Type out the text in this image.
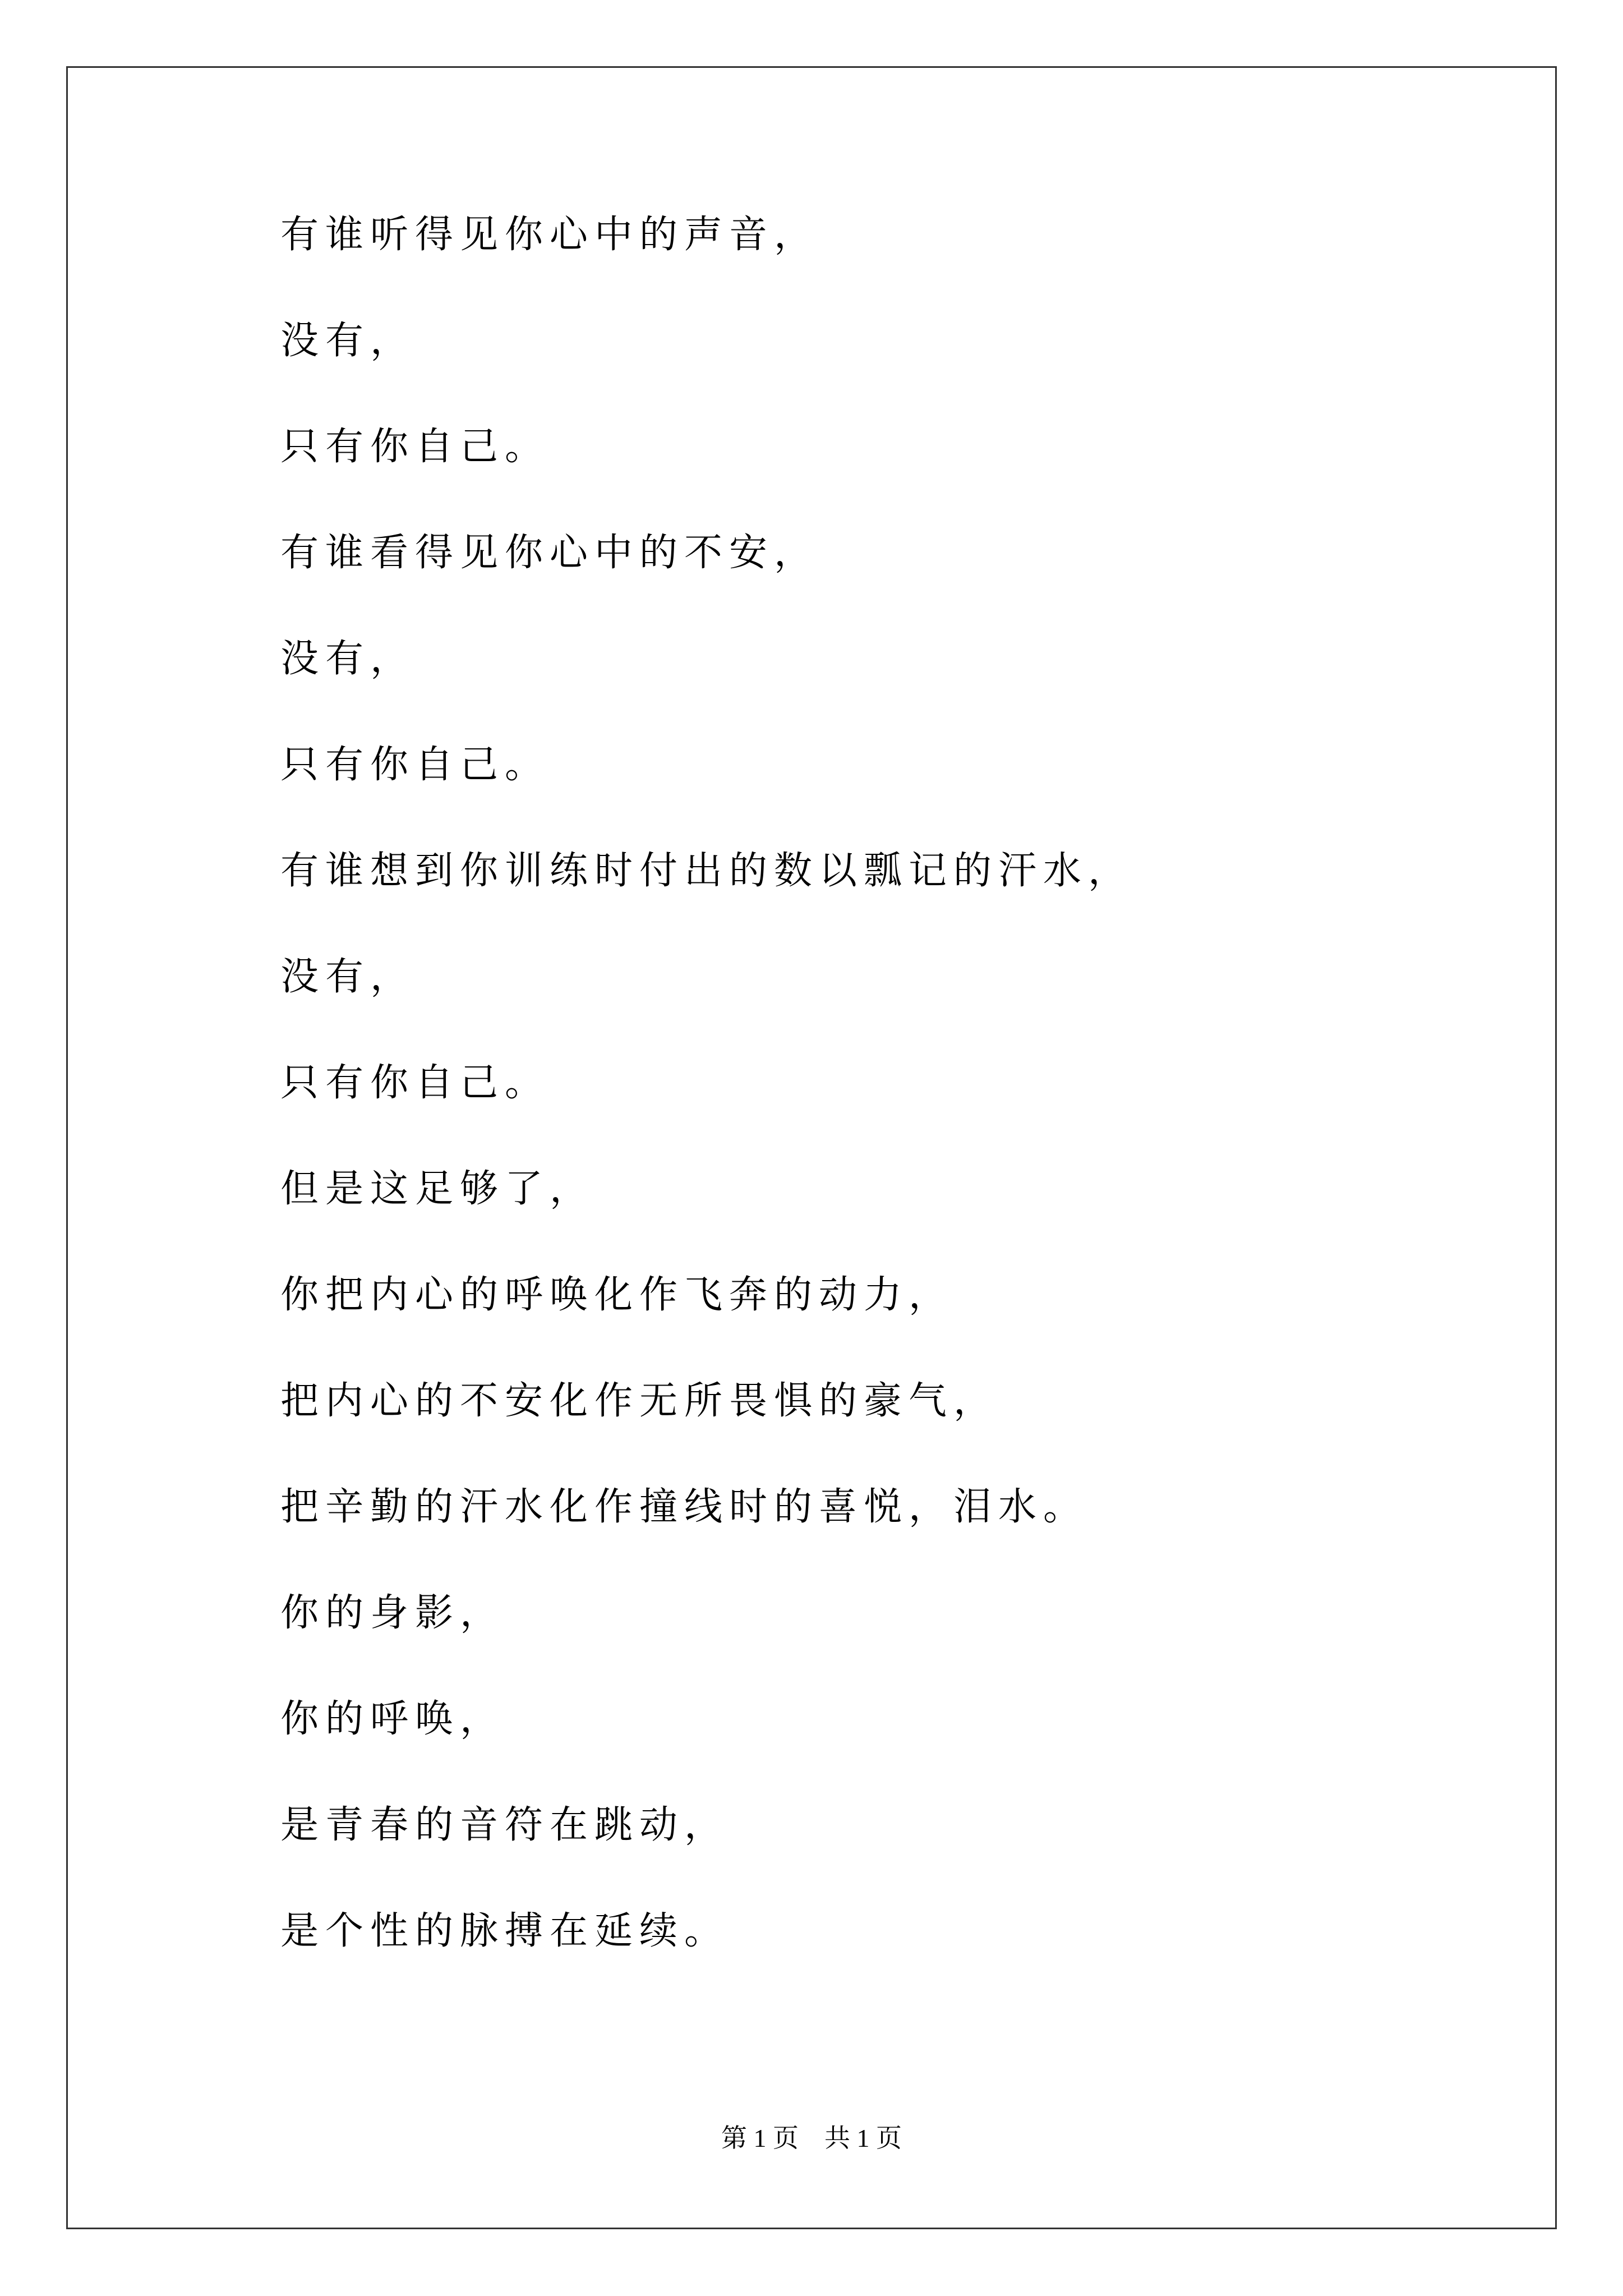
有谁听得见你心中的声音，
没有，
只有你自己。
有谁看得见你心中的不安，
没有，
只有你自己。
有谁想到你训练时付出的数以瓢记的汗水，
没有，
只有你自己。
但是这足够了，
你把内心的呼唤化作飞奔的动力，
把内心的不安化作无所畏惧的豪气，
把辛勤的汗水化作撞线时的喜悦，泪水。
你的身影，
你的呼唤，
是青春的音符在跳动，
是个性的脉搏在延续。
第 1 页　共 1 页
